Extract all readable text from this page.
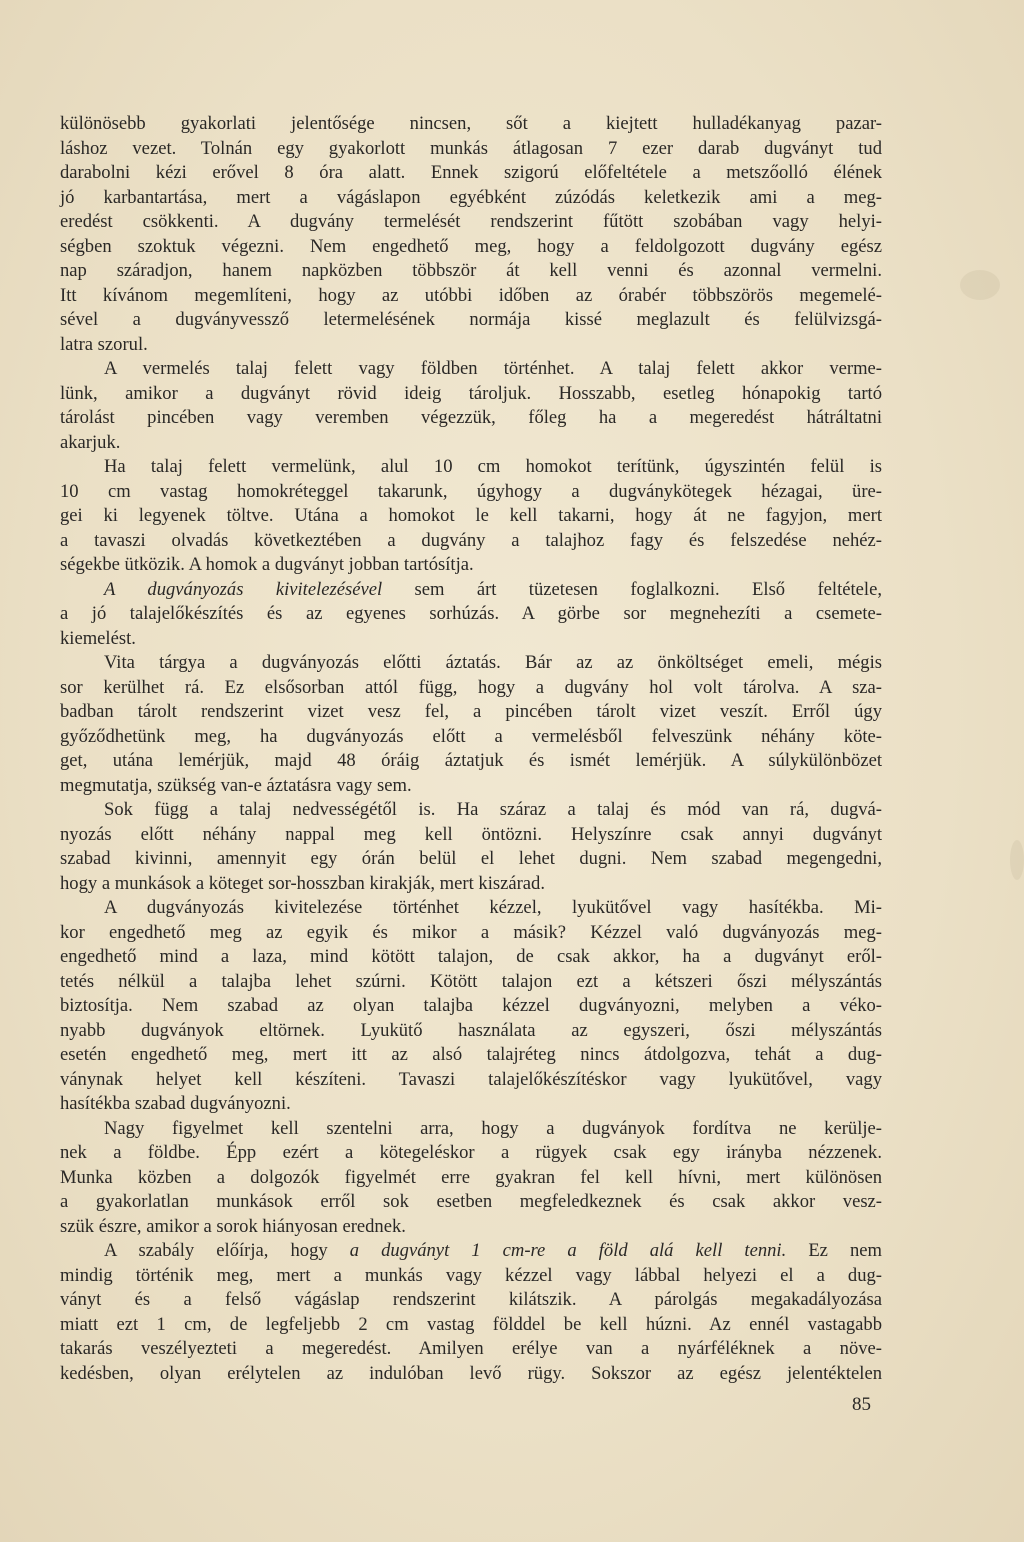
különösebb gyakorlati jelentősége nincsen, sőt a kiejtett hulladékanyag pazar-
láshoz vezet. Tolnán egy gyakorlott munkás átlagosan 7 ezer darab dugványt tud
darabolni kézi erővel 8 óra alatt. Ennek szigorú előfeltétele a metszőolló élének
jó karbantartása, mert a vágáslapon egyébként zúzódás keletkezik ami a meg-
eredést csökkenti. A dugvány termelését rendszerint fűtött szobában vagy helyi-
ségben szoktuk végezni. Nem engedhető meg, hogy a feldolgozott dugvány egész
nap száradjon, hanem napközben többször át kell venni és azonnal vermelni.
Itt kívánom megemlíteni, hogy az utóbbi időben az órabér többszörös megemelé-
sével a dugványvessző letermelésének normája kissé meglazult és felülvizsgá-
latra szorul.
A vermelés talaj felett vagy földben történhet. A talaj felett akkor verme-
lünk, amikor a dugványt rövid ideig tároljuk. Hosszabb, esetleg hónapokig tartó
tárolást pincében vagy veremben végezzük, főleg ha a megeredést hátráltatni
akarjuk.
Ha talaj felett vermelünk, alul 10 cm homokot terítünk, úgyszintén felül is
10 cm vastag homokréteggel takarunk, úgyhogy a dugványkötegek hézagai, üre-
gei ki legyenek töltve. Utána a homokot le kell takarni, hogy át ne fagyjon, mert
a tavaszi olvadás következtében a dugvány a talajhoz fagy és felszedése nehéz-
ségekbe ütközik. A homok a dugványt jobban tartósítja.
A dugványozás kivitelezésével sem árt tüzetesen foglalkozni. Első feltétele,
a jó talajelőkészítés és az egyenes sorhúzás. A görbe sor megnehezíti a csemete-
kiemelést.
Vita tárgya a dugványozás előtti áztatás. Bár az az önköltséget emeli, mégis
sor kerülhet rá. Ez elsősorban attól függ, hogy a dugvány hol volt tárolva. A sza-
badban tárolt rendszerint vizet vesz fel, a pincében tárolt vizet veszít. Erről úgy
győződhetünk meg, ha dugványozás előtt a vermelésből felveszünk néhány köte-
get, utána lemérjük, majd 48 óráig áztatjuk és ismét lemérjük. A súlykülönbözet
megmutatja, szükség van-e áztatásra vagy sem.
Sok függ a talaj nedvességétől is. Ha száraz a talaj és mód van rá, dugvá-
nyozás előtt néhány nappal meg kell öntözni. Helyszínre csak annyi dugványt
szabad kivinni, amennyit egy órán belül el lehet dugni. Nem szabad megengedni,
hogy a munkások a köteget sor-hosszban kirakják, mert kiszárad.
A dugványozás kivitelezése történhet kézzel, lyukütővel vagy hasítékba. Mi-
kor engedhető meg az egyik és mikor a másik? Kézzel való dugványozás meg-
engedhető mind a laza, mind kötött talajon, de csak akkor, ha a dugványt eről-
tetés nélkül a talajba lehet szúrni. Kötött talajon ezt a kétszeri őszi mélyszántás
biztosítja. Nem szabad az olyan talajba kézzel dugványozni, melyben a véko-
nyabb dugványok eltörnek. Lyukütő használata az egyszeri, őszi mélyszántás
esetén engedhető meg, mert itt az alsó talajréteg nincs átdolgozva, tehát a dug-
ványnak helyet kell készíteni. Tavaszi talajelőkészítéskor vagy lyukütővel, vagy
hasítékba szabad dugványozni.
Nagy figyelmet kell szentelni arra, hogy a dugványok fordítva ne kerülje-
nek a földbe. Épp ezért a kötegeléskor a rügyek csak egy irányba nézzenek.
Munka közben a dolgozók figyelmét erre gyakran fel kell hívni, mert különösen
a gyakorlatlan munkások erről sok esetben megfeledkeznek és csak akkor vesz-
szük észre, amikor a sorok hiányosan erednek.
A szabály előírja, hogy a dugványt 1 cm-re a föld alá kell tenni. Ez nem
mindig történik meg, mert a munkás vagy kézzel vagy lábbal helyezi el a dug-
ványt és a felső vágáslap rendszerint kilátszik. A párolgás megakadályozása
miatt ezt 1 cm, de legfeljebb 2 cm vastag földdel be kell húzni. Az ennél vastagabb
takarás veszélyezteti a megeredést. Amilyen erélye van a nyárféléknek a növe-
kedésben, olyan erélytelen az indulóban levő rügy. Sokszor az egész jelentéktelen
85
